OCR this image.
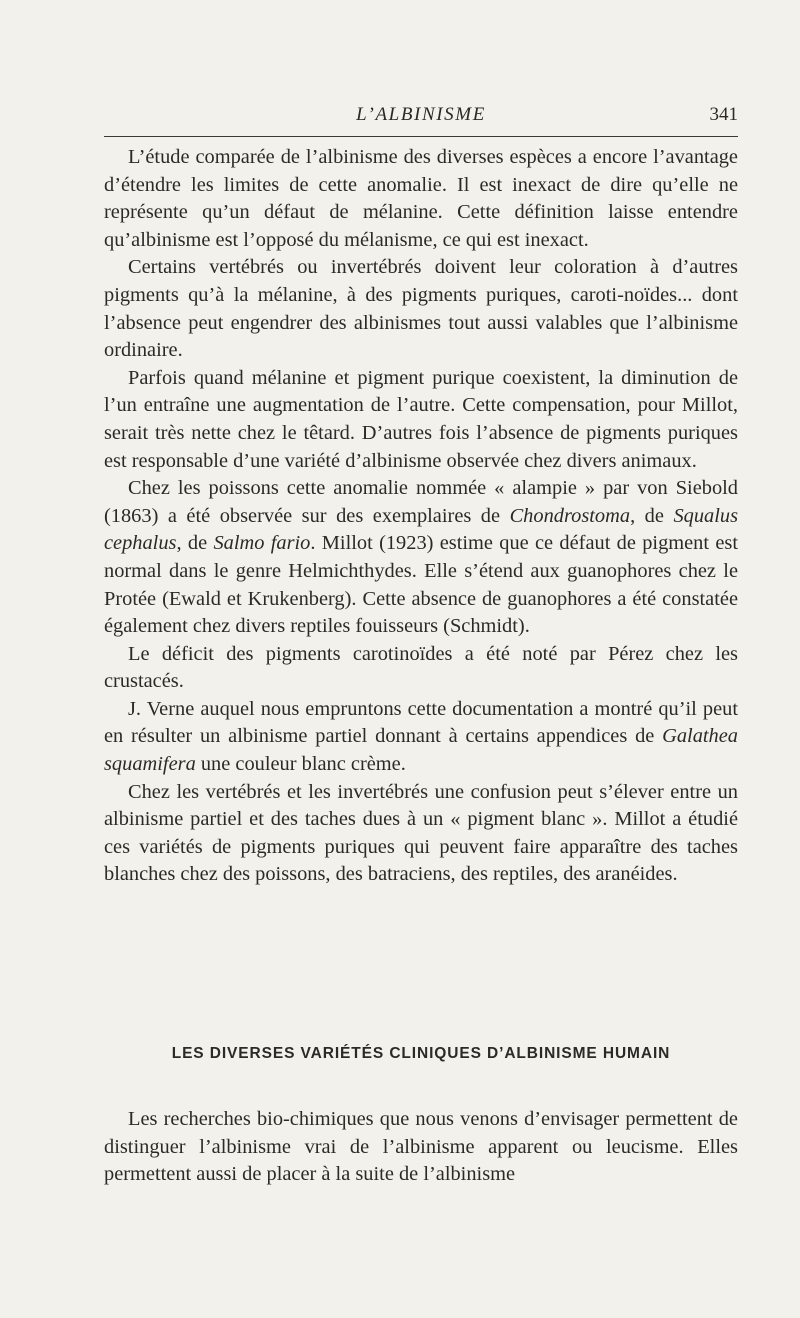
L’ALBINISME	341

L’étude comparée de l’albinisme des diverses espèces a encore l’avantage d’étendre les limites de cette anomalie. Il est inexact de dire qu’elle ne représente qu’un défaut de mélanine. Cette définition laisse entendre qu’albinisme est l’opposé du mélanisme, ce qui est inexact.

Certains vertébrés ou invertébrés doivent leur coloration à d’autres pigments qu’à la mélanine, à des pigments puriques, caroti-noïdes... dont l’absence peut engendrer des albinismes tout aussi valables que l’albinisme ordinaire.

Parfois quand mélanine et pigment purique coexistent, la diminution de l’un entraîne une augmentation de l’autre. Cette compensation, pour Millot, serait très nette chez le têtard. D’autres fois l’absence de pigments puriques est responsable d’une variété d’albinisme observée chez divers animaux.

Chez les poissons cette anomalie nommée « alampie » par von Siebold (1863) a été observée sur des exemplaires de Chondrostoma, de Squalus cephalus, de Salmo fario. Millot (1923) estime que ce défaut de pigment est normal dans le genre Helmichthydes. Elle s’étend aux guanophores chez le Protée (Ewald et Krukenberg). Cette absence de guanophores a été constatée également chez divers reptiles fouisseurs (Schmidt).

Le déficit des pigments carotinoïdes a été noté par Pérez chez les crustacés.

J. Verne auquel nous empruntons cette documentation a montré qu’il peut en résulter un albinisme partiel donnant à certains appendices de Galathea squamifera une couleur blanc crème.

Chez les vertébrés et les invertébrés une confusion peut s’élever entre un albinisme partiel et des taches dues à un « pigment blanc ». Millot a étudié ces variétés de pigments puriques qui peuvent faire apparaître des taches blanches chez des poissons, des batraciens, des reptiles, des aranéides.

LES DIVERSES VARIÉTÉS CLINIQUES D’ALBINISME HUMAIN

Les recherches bio-chimiques que nous venons d’envisager permettent de distinguer l’albinisme vrai de l’albinisme apparent ou leucisme. Elles permettent aussi de placer à la suite de l’albinisme
